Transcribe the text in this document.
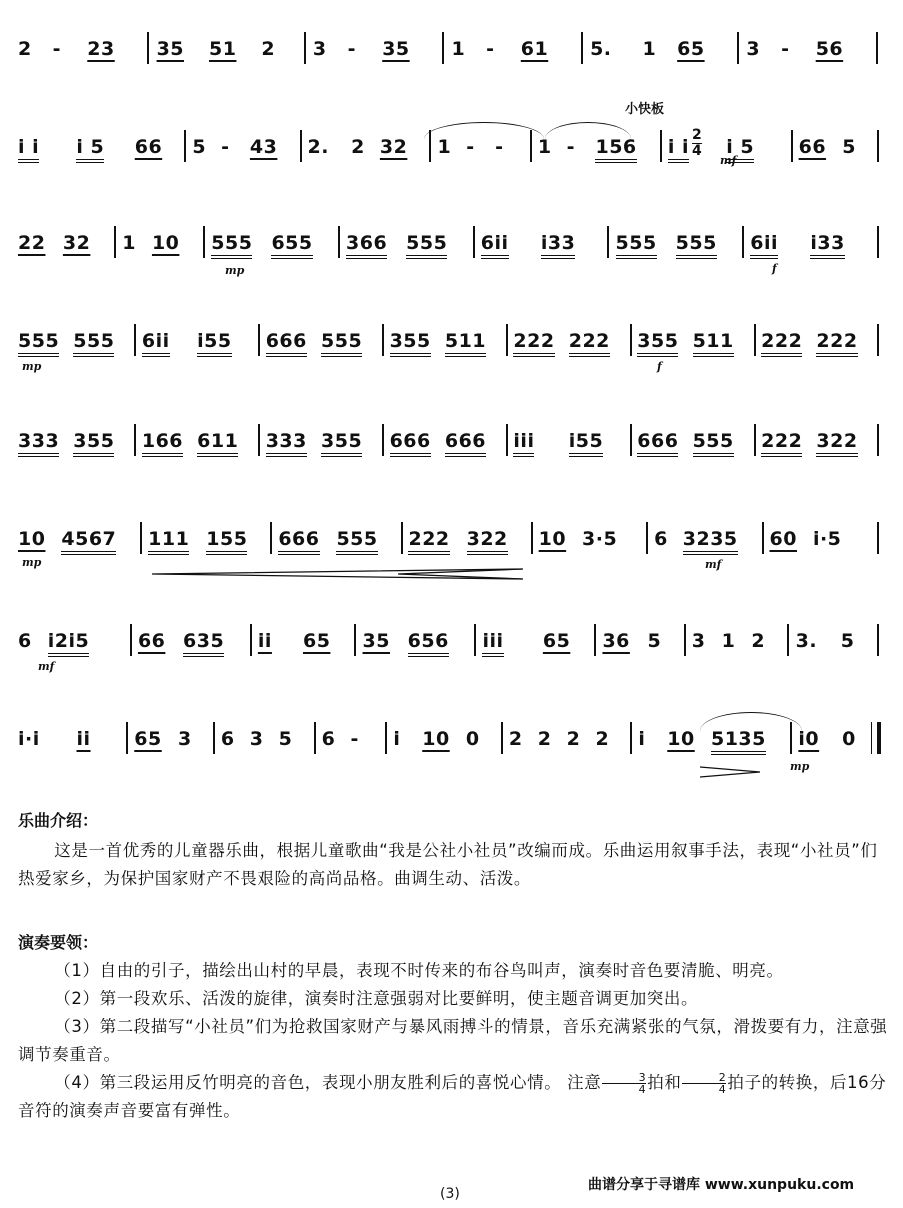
2 - 23 35 51 2 3 - 35 1 - 61 5. 1 65 3 - 56
i i i 5 66 5 - 43 2. 2 32 1 - - 1 - 156 i i i 5 66 5
22 32 1 10 555 655 366 555 6ii i33 555 555 6ii i33
555 555 6ii i55 666 555 355 511 222 222 355 511 222 222
333 355 166 611 333 355 666 666 iii i55 666 555 222 322
10 4567 111 155 666 555 222 322 10 3·5 6 3235 60 i·5
6 i2i5	66 635 ii 65 35 656 iii 65 36 5 3 1 2 3. 5
i·i ii 65 3 6 3 5 6 - i 10 0 2 2 2 2 i 10 5135 i0 0
mf
mp	f
mp	f
mp	mf
mf
mp
小快板
$\frac{2}{4}$
乐曲介绍：
这是一首优秀的儿童器乐曲，根据儿童歌曲“我是公社小社员”改编而成。乐曲运用叙事手法，表现“小社员”们热爱家乡，为保护国家财产不畏艰险的高尚品格。曲调生动、活泼。
演奏要领：
（1）自由的引子，描绘出山村的早晨，表现不时传来的布谷鸟叫声，演奏时音色要清脆、明亮。
（2）第一段欢乐、活泼的旋律，演奏时注意强弱对比要鲜明，使主题音调更加突出。
（3）第二段描写“小社员”们为抢救国家财产与暴风雨搏斗的情景，音乐充满紧张的气氛，滑拨要有力，注意强调节奏重音。
（4）第三段运用反竹明亮的音色，表现小朋友胜利后的喜悦心情。 注意 $\frac{3}{4}$ 拍和 $\frac{2}{4}$ 拍子的转换，后16分音符的演奏声音要富有弹性。
曲谱分享于寻谱库 www.xunpuku.com
(3)
